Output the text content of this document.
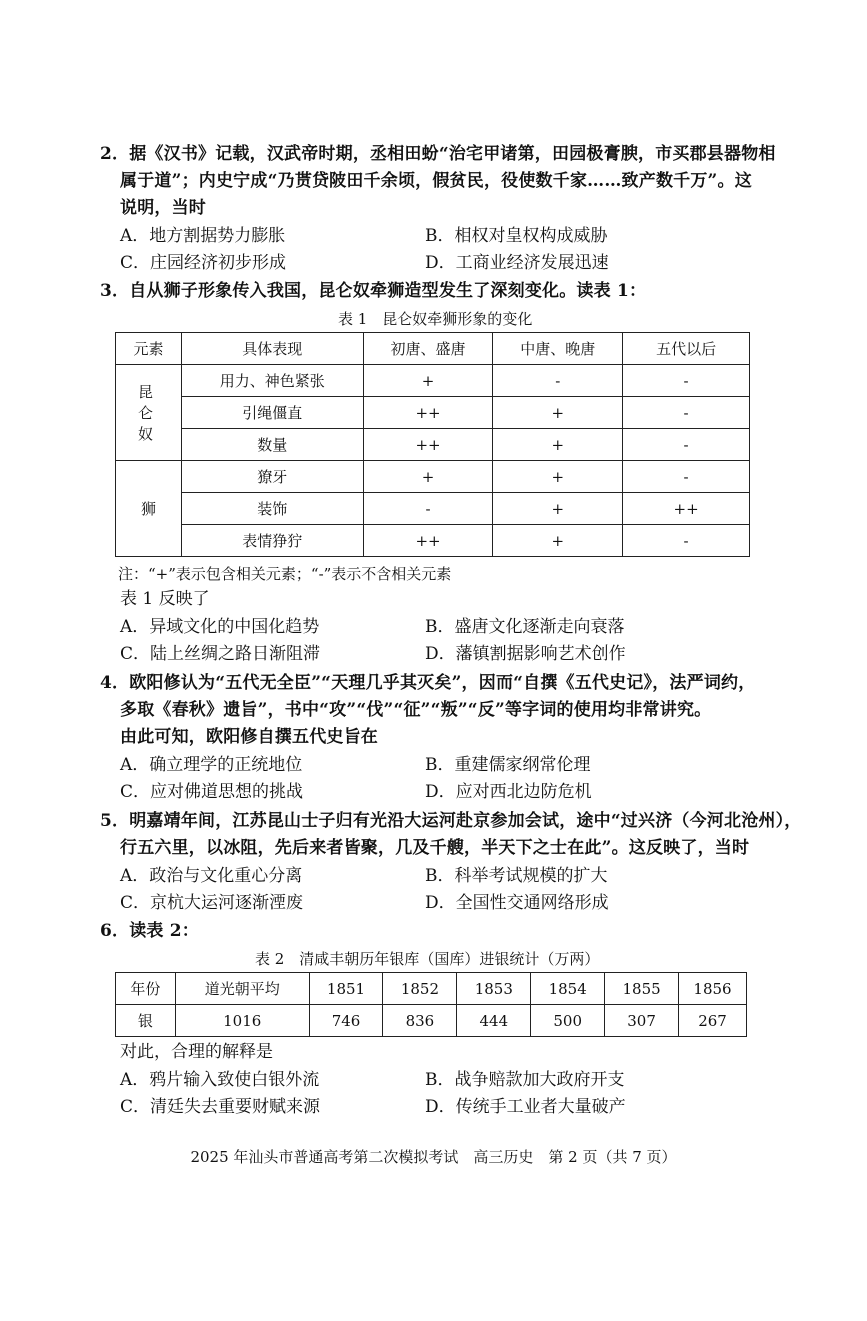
2．据《汉书》记载，汉武帝时期，丞相田蚡“治宅甲诸第，田园极膏腴，市买郡县器物相
属于道”；内史宁成“乃贳贷陂田千余顷，假贫民，役使数千家……致产数千万”。这
说明，当时
A．地方割据势力膨胀	B．相权对皇权构成威胁
C．庄园经济初步形成	D．工商业经济发展迅速
3．自从狮子形象传入我国，昆仑奴牵狮造型发生了深刻变化。读表 1：
表 1　昆仑奴牵狮形象的变化
元素	具体表现	初唐、盛唐	中唐、晚唐	五代以后
昆仑奴	用力、神色紧张	+	-	-
	引绳僵直	++	+	-
	数量	++	+	-
狮	獠牙	+	+	-
	装饰	-	+	++
	表情狰狞	++	+	-
注：“+”表示包含相关元素；“-”表示不含相关元素
表 1 反映了
A．异域文化的中国化趋势	B．盛唐文化逐渐走向衰落
C．陆上丝绸之路日渐阻滞	D．藩镇割据影响艺术创作
4．欧阳修认为“五代无全臣”“天理几乎其灭矣”，因而“自撰《五代史记》，法严词约，
多取《春秋》遗旨”，书中“攻”“伐”“征”“叛”“反”等字词的使用均非常讲究。
由此可知，欧阳修自撰五代史旨在
A．确立理学的正统地位	B．重建儒家纲常伦理
C．应对佛道思想的挑战	D．应对西北边防危机
5．明嘉靖年间，江苏昆山士子归有光沿大运河赴京参加会试，途中“过兴济（今河北沧州），
行五六里，以冰阻，先后来者皆聚，几及千艘，半天下之士在此”。这反映了，当时
A．政治与文化重心分离	B．科举考试规模的扩大
C．京杭大运河逐渐湮废	D．全国性交通网络形成
6．读表 2：
表 2　清咸丰朝历年银库（国库）进银统计（万两）
年份	道光朝平均	1851	1852	1853	1854	1855	1856
银	1016	746	836	444	500	307	267
对此，合理的解释是
A．鸦片输入致使白银外流	B．战争赔款加大政府开支
C．清廷失去重要财赋来源	D．传统手工业者大量破产
2025 年汕头市普通高考第二次模拟考试　高三历史　第 2 页（共 7 页）
